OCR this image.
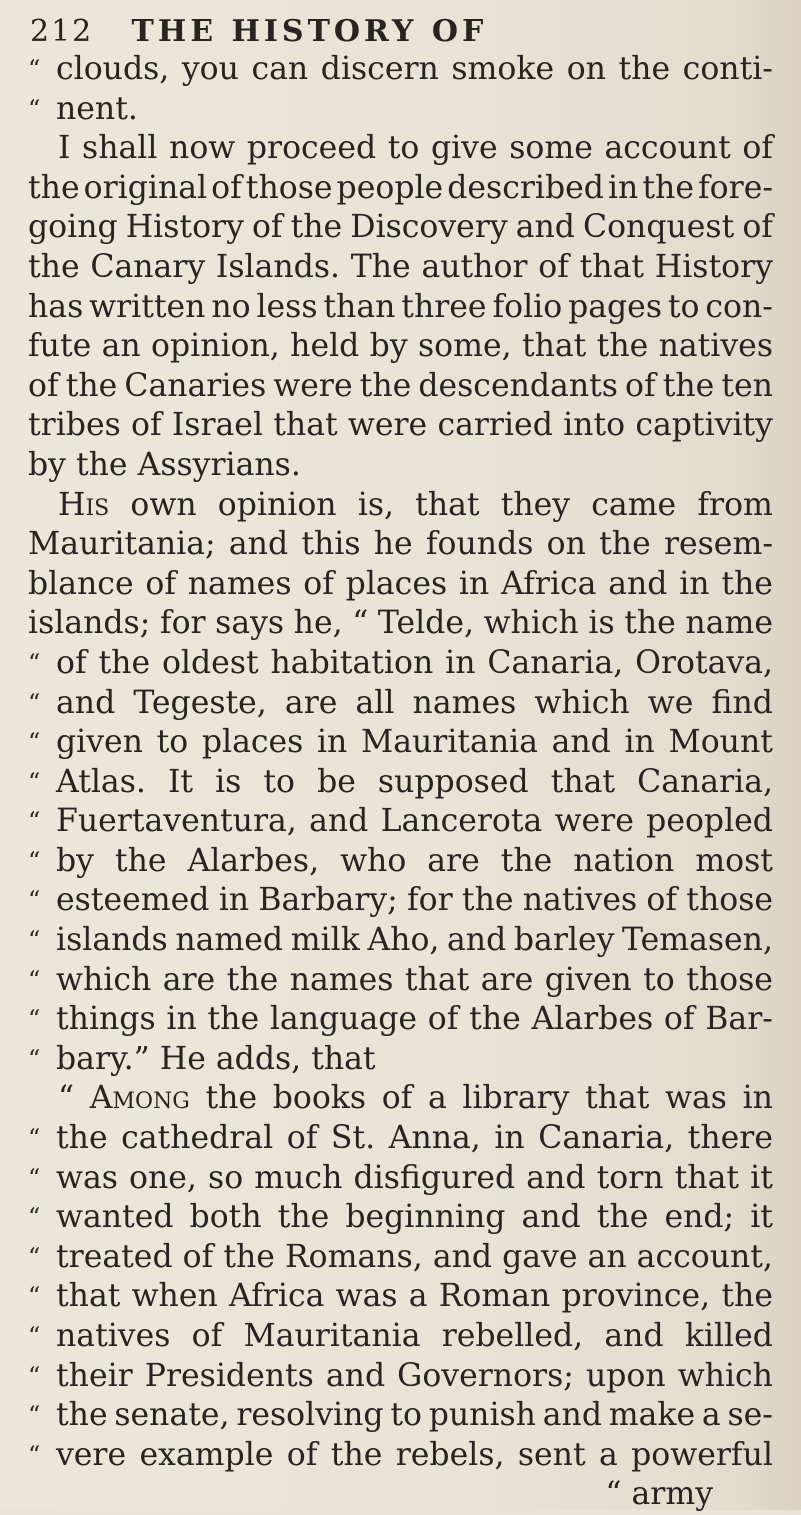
212 THE HISTORY OF
“ clouds, you can discern smoke on the conti-
“ nent.
I shall now proceed to give some account of
the original of those people described in the fore-
going History of the Discovery and Conquest of
the Canary Islands. The author of that History
has written no less than three folio pages to con-
fute an opinion, held by some, that the natives
of the Canaries were the descendants of the ten
tribes of Israel that were carried into captivity
by the Assyrians.
His own opinion is, that they came from
Mauritania; and this he founds on the resem-
blance of names of places in Africa and in the
islands; for says he, “ Telde, which is the name
“ of the oldest habitation in Canaria, Orotava,
“ and Tegeste, are all names which we find
“ given to places in Mauritania and in Mount
“ Atlas. It is to be supposed that Canaria,
“ Fuertaventura, and Lancerota were peopled
“ by the Alarbes, who are the nation most
“ esteemed in Barbary; for the natives of those
“ islands named milk Aho, and barley Temasen,
“ which are the names that are given to those
“ things in the language of the Alarbes of Bar-
“ bary.” He adds, that
“ Among the books of a library that was in
“ the cathedral of St. Anna, in Canaria, there
“ was one, so much disfigured and torn that it
“ wanted both the beginning and the end; it
“ treated of the Romans, and gave an account,
“ that when Africa was a Roman province, the
“ natives of Mauritania rebelled, and killed
“ their Presidents and Governors; upon which
“ the senate, resolving to punish and make a se-
“ vere example of the rebels, sent a powerful
“ army
